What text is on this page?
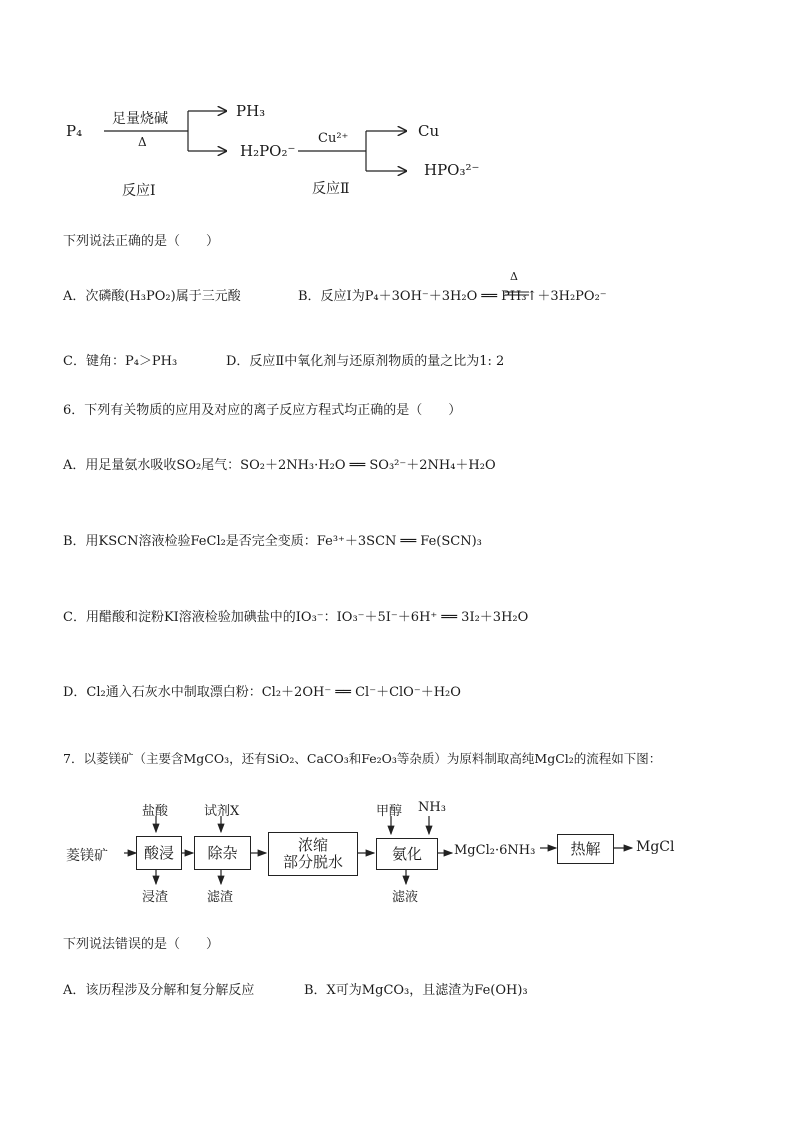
P₄
足量烧碱
Δ
PH₃
H₂PO₂⁻
Cu²⁺	Cu
HPO₃²⁻
反应Ⅰ	反应Ⅱ
下列说法正确的是（　　）
A．次磷酸(H₃PO₂)属于三元酸
Δ
B．反应Ⅰ为P₄＋3OH⁻＋3H₂O ══ PH₃↑＋3H₂PO₂⁻
C．键角：P₄＞PH₃	D．反应Ⅱ中氧化剂与还原剂物质的量之比为1: 2
6．下列有关物质的应用及对应的离子反应方程式均正确的是（　　）
A．用足量氨水吸收SO₂尾气：SO₂＋2NH₃·H₂O ══ SO₃²⁻＋2NH₄＋H₂O
B．用KSCN溶液检验FeCl₂是否完全变质：Fe³⁺＋3SCN ══ Fe(SCN)₃
C．用醋酸和淀粉KI溶液检验加碘盐中的IO₃⁻：IO₃⁻＋5I⁻＋6H⁺ ══ 3I₂＋3H₂O
D．Cl₂通入石灰水中制取漂白粉：Cl₂＋2OH⁻ ══ Cl⁻＋ClO⁻＋H₂O
7．以菱镁矿（主要含MgCO₃，还有SiO₂、CaCO₃和Fe₂O₃等杂质）为原料制取高纯MgCl₂的流程如下图：
菱镁矿
盐酸	试剂X
酸浸	除杂	浓缩
部分脱水
甲醇 NH₃
氨化	MgCl₂·6NH₃	热解	MgCl
浸渣	滤渣	滤液
下列说法错误的是（　　）
A．该历程涉及分解和复分解反应	B．X可为MgCO₃，且滤渣为Fe(OH)₃
